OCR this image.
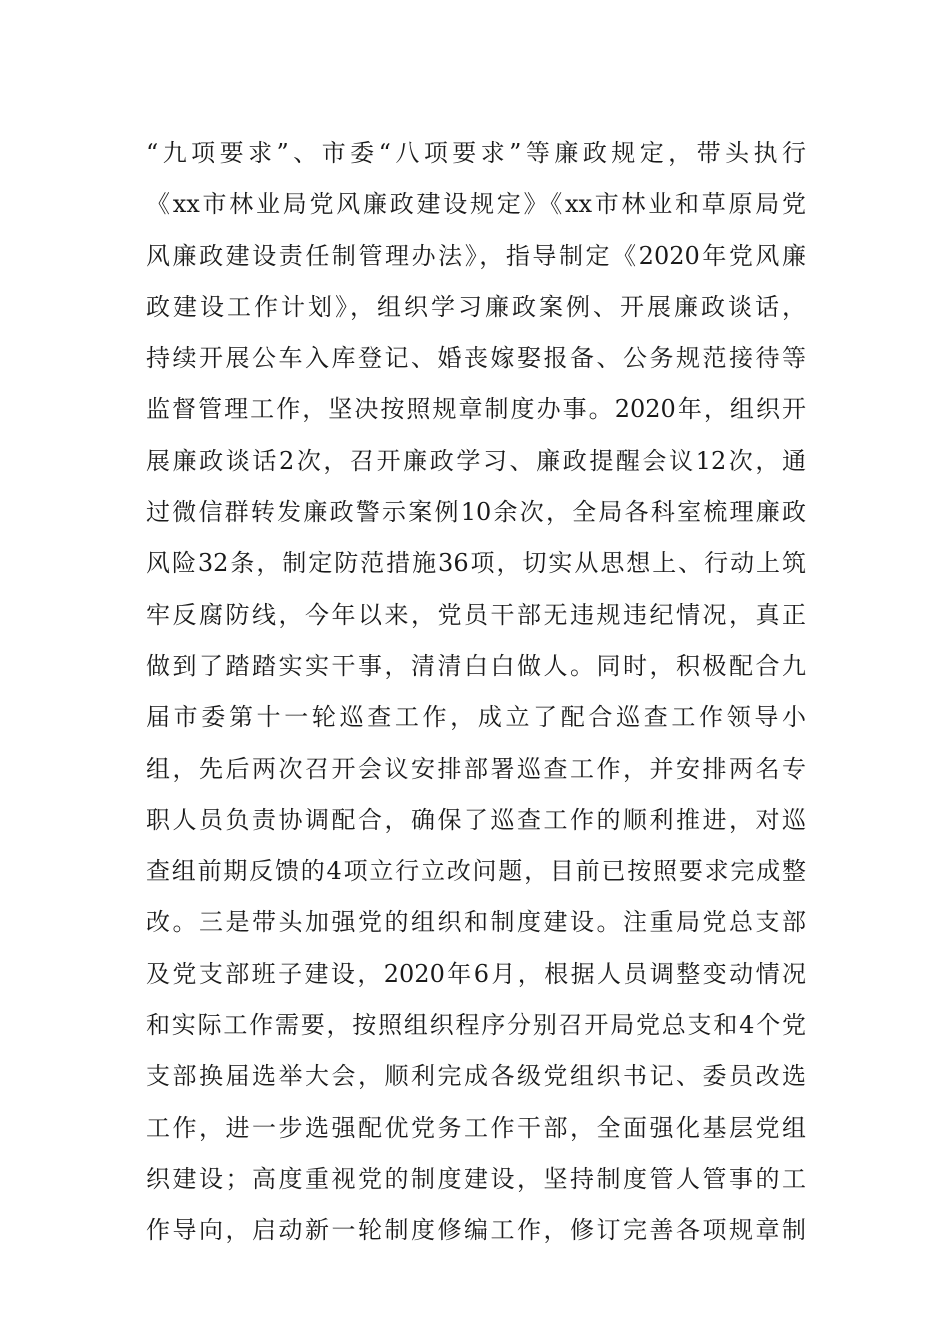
“九项要求”、市委“八项要求”等廉政规定，带头执行
《xx市林业局党风廉政建设规定》《xx市林业和草原局党
风廉政建设责任制管理办法》，指导制定《2020年党风廉
政建设工作计划》，组织学习廉政案例、开展廉政谈话，
持续开展公车入库登记、婚丧嫁娶报备、公务规范接待等
监督管理工作，坚决按照规章制度办事。2020年，组织开
展廉政谈话2次，召开廉政学习、廉政提醒会议12次，通
过微信群转发廉政警示案例10余次，全局各科室梳理廉政
风险32条，制定防范措施36项，切实从思想上、行动上筑
牢反腐防线，今年以来，党员干部无违规违纪情况，真正
做到了踏踏实实干事，清清白白做人。同时，积极配合九
届市委第十一轮巡查工作，成立了配合巡查工作领导小
组，先后两次召开会议安排部署巡查工作，并安排两名专
职人员负责协调配合，确保了巡查工作的顺利推进，对巡
查组前期反馈的4项立行立改问题，目前已按照要求完成整
改。三是带头加强党的组织和制度建设。注重局党总支部
及党支部班子建设，2020年6月，根据人员调整变动情况
和实际工作需要，按照组织程序分别召开局党总支和4个党
支部换届选举大会，顺利完成各级党组织书记、委员改选
工作，进一步选强配优党务工作干部，全面强化基层党组
织建设；高度重视党的制度建设，坚持制度管人管事的工
作导向，启动新一轮制度修编工作，修订完善各项规章制
